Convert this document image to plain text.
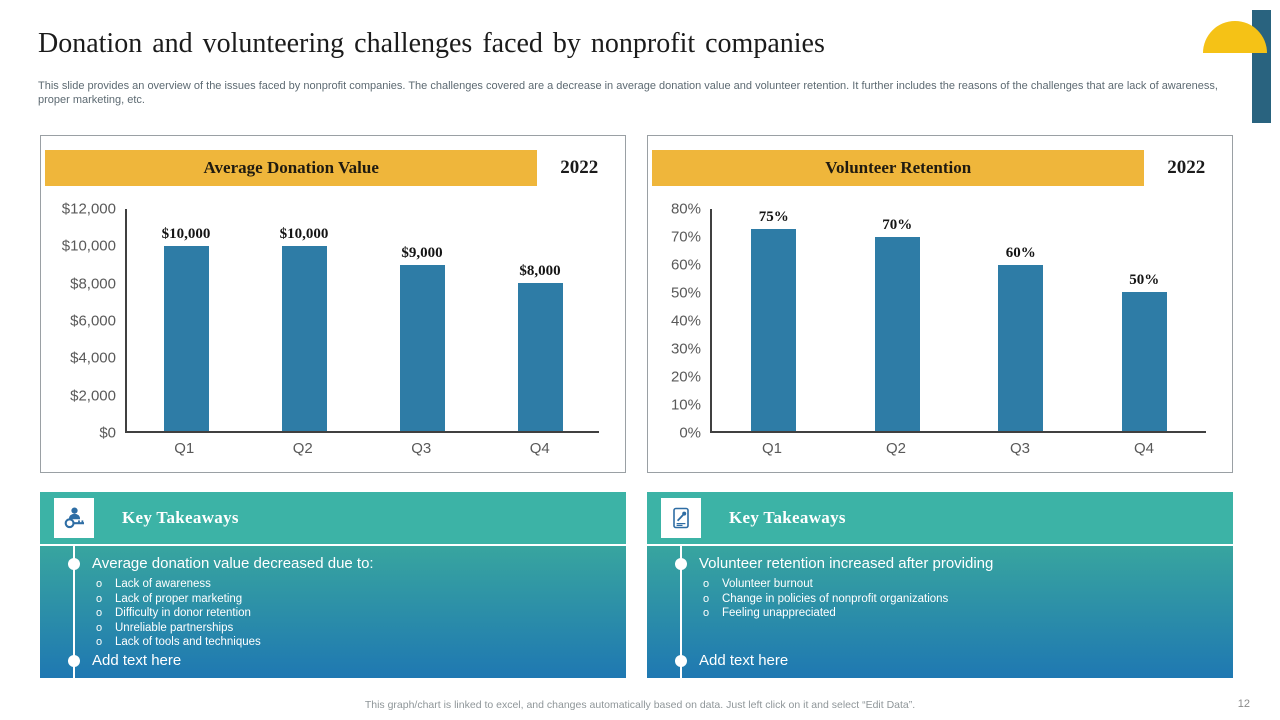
Donation and volunteering challenges faced by nonprofit companies
This slide provides an overview of the issues faced by nonprofit companies. The challenges covered are a decrease in average donation value and volunteer retention. It further includes the reasons of the challenges that are lack of awareness, proper marketing, etc.
Average Donation Value	2022
$12,000
$10,000
$8,000
$6,000
$4,000
$2,000
$0
$10,000	$10,000
$9,000
$8,000
Q1	Q2	Q3	Q4
Volunteer Retention	2022
80%
70%
60%
50%
40%
30%
20%
10%
0%
75%	70%
60%
50%
Q1	Q2	Q3	Q4
Key Takeaways
Average donation value decreased due to:
o Lack of awareness
o Lack of proper marketing
o Difficulty in donor retention
o Unreliable partnerships
o Lack of tools and techniques
Add text here
Key Takeaways
Volunteer retention increased after providing
o Volunteer burnout
o Change in policies of nonprofit organizations
o Feeling unappreciated
Add text here
This graph/chart is linked to excel, and changes automatically based on data. Just left click on it and select “Edit Data”.	12
